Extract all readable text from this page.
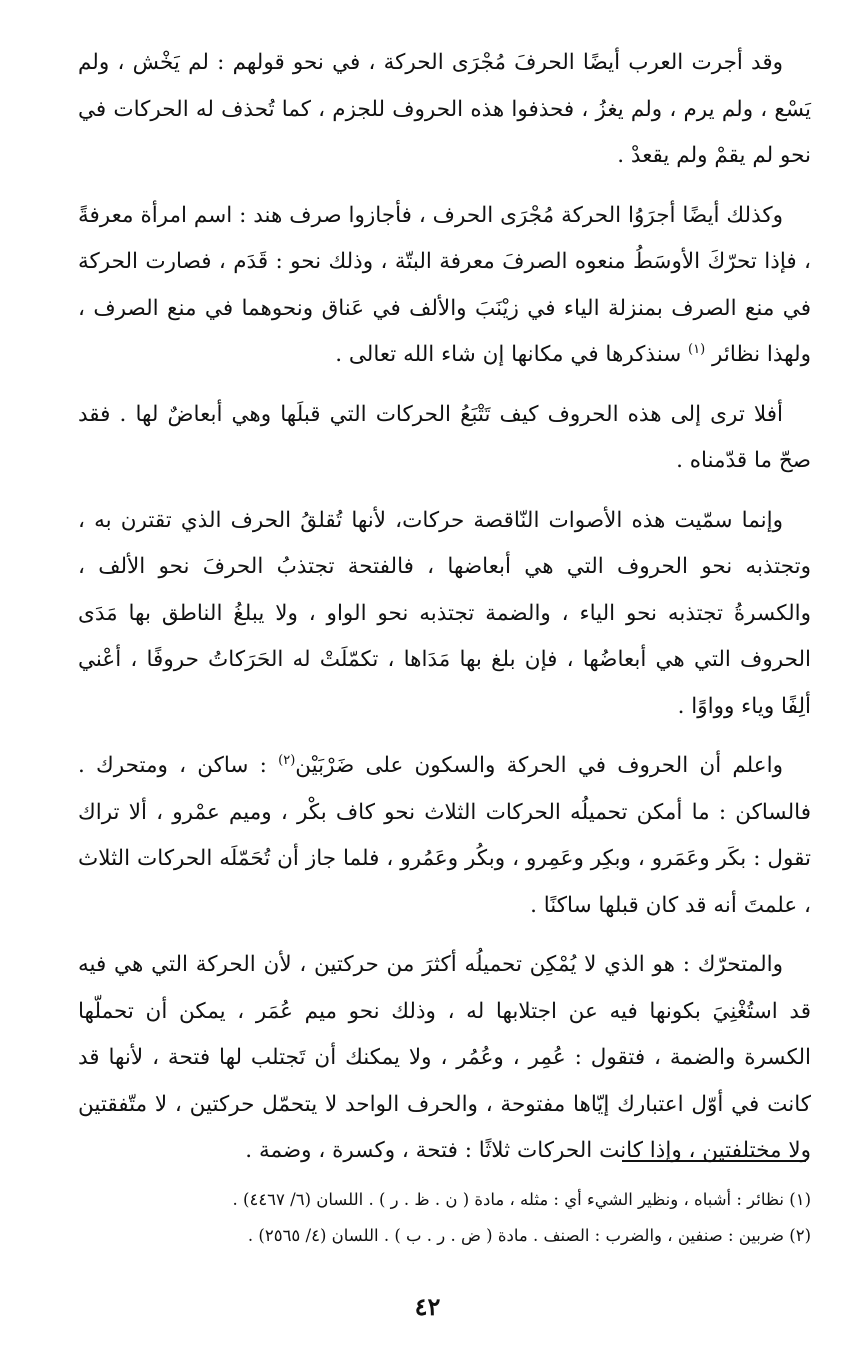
وقد أجرت العرب أيضًا الحرفَ مُجْرَى الحركة ، في نحو قولهم : لم يَخْش ، ولم يَسْع ، ولم يرم ، ولم يغزُ ، فحذفوا هذه الحروف للجزم ، كما تُحذف له الحركات في نحو لم يقمْ ولم يقعدْ .

وكذلك أيضًا أجرَوُا الحركة مُجْرَى الحرف ، فأجازوا صرف هند : اسم امرأة معرفةً ، فإذا تحرّكَ الأوسَطُ منعوه الصرفَ معرفة البتّة ، وذلك نحو : قَدَم ، فصارت الحركة في منع الصرف بمنزلة الياء في زيْنَبَ والألف في عَناق ونحوهما في منع الصرف ، ولهذا نظائر $^{(١)}$ سنذكرها في مكانها إن شاء الله تعالى .

أفلا ترى إلى هذه الحروف كيف تَتْبَعُ الحركات التي قبلَها وهي أبعاضٌ لها . فقد صحّ ما قدّمناه .

وإنما سمّيت هذه الأصوات النّاقصة حركات، لأنها تُقلقُ الحرف الذي تقترن به ، وتجتذبه نحو الحروف التي هي أبعاضها ، فالفتحة تجتذبُ الحرفَ نحو الألف ، والكسرةُ تجتذبه نحو الياء ، والضمة تجتذبه نحو الواو ، ولا يبلغُ الناطق بها مَدَى الحروف التي هي أبعاضُها ، فإن بلغ بها مَدَاها ، تكمّلَتْ له الحَرَكاتُ حروفًا ، أعْني ألِفًا وياء وواوًا .

واعلم أن الحروف في الحركة والسكون على ضَرْبَيْن$^{(٢)}$ : ساكن ، ومتحرك . فالساكن : ما أمكن تحميلُه الحركات الثلاث نحو كاف بكْر ، وميم عمْرو ، ألا تراك تقول : بكَر وعَمَرو ، وبكِر وعَمِرو ، وبكُر وعَمُرو ، فلما جاز أن تُحَمّلَه الحركات الثلاث ، علمتَ أنه قد كان قبلها ساكنًا .

والمتحرّك : هو الذي لا يُمْكِن تحميلُه أكثرَ من حركتين ، لأن الحركة التي هي فيه قد استُغْنِيَ بكونها فيه عن اجتلابها له ، وذلك نحو ميم عُمَر ، يمكن أن تحملّها الكسرة والضمة ، فتقول : عُمِر ، وعُمُر ، ولا يمكنك أن تَجتلب لها فتحة ، لأنها قد كانت في أوّل اعتبارك إيّاها مفتوحة ، والحرف الواحد لا يتحمّل حركتين ، لا متّفقتين ولا مختلفتين ، وإذا كانت الحركات ثلاثًا : فتحة ، وكسرة ، وضمة .

(١) نظائر : أشباه ، ونظير الشيء أي : مثله ، مادة ( ن . ظ . ر ) . اللسان (٦/ ٤٤٦٧) .

(٢) ضربين : صنفين ، والضرب : الصنف . مادة ( ض . ر . ب ) . اللسان (٤/ ٢٥٦٥) .

٤٢
